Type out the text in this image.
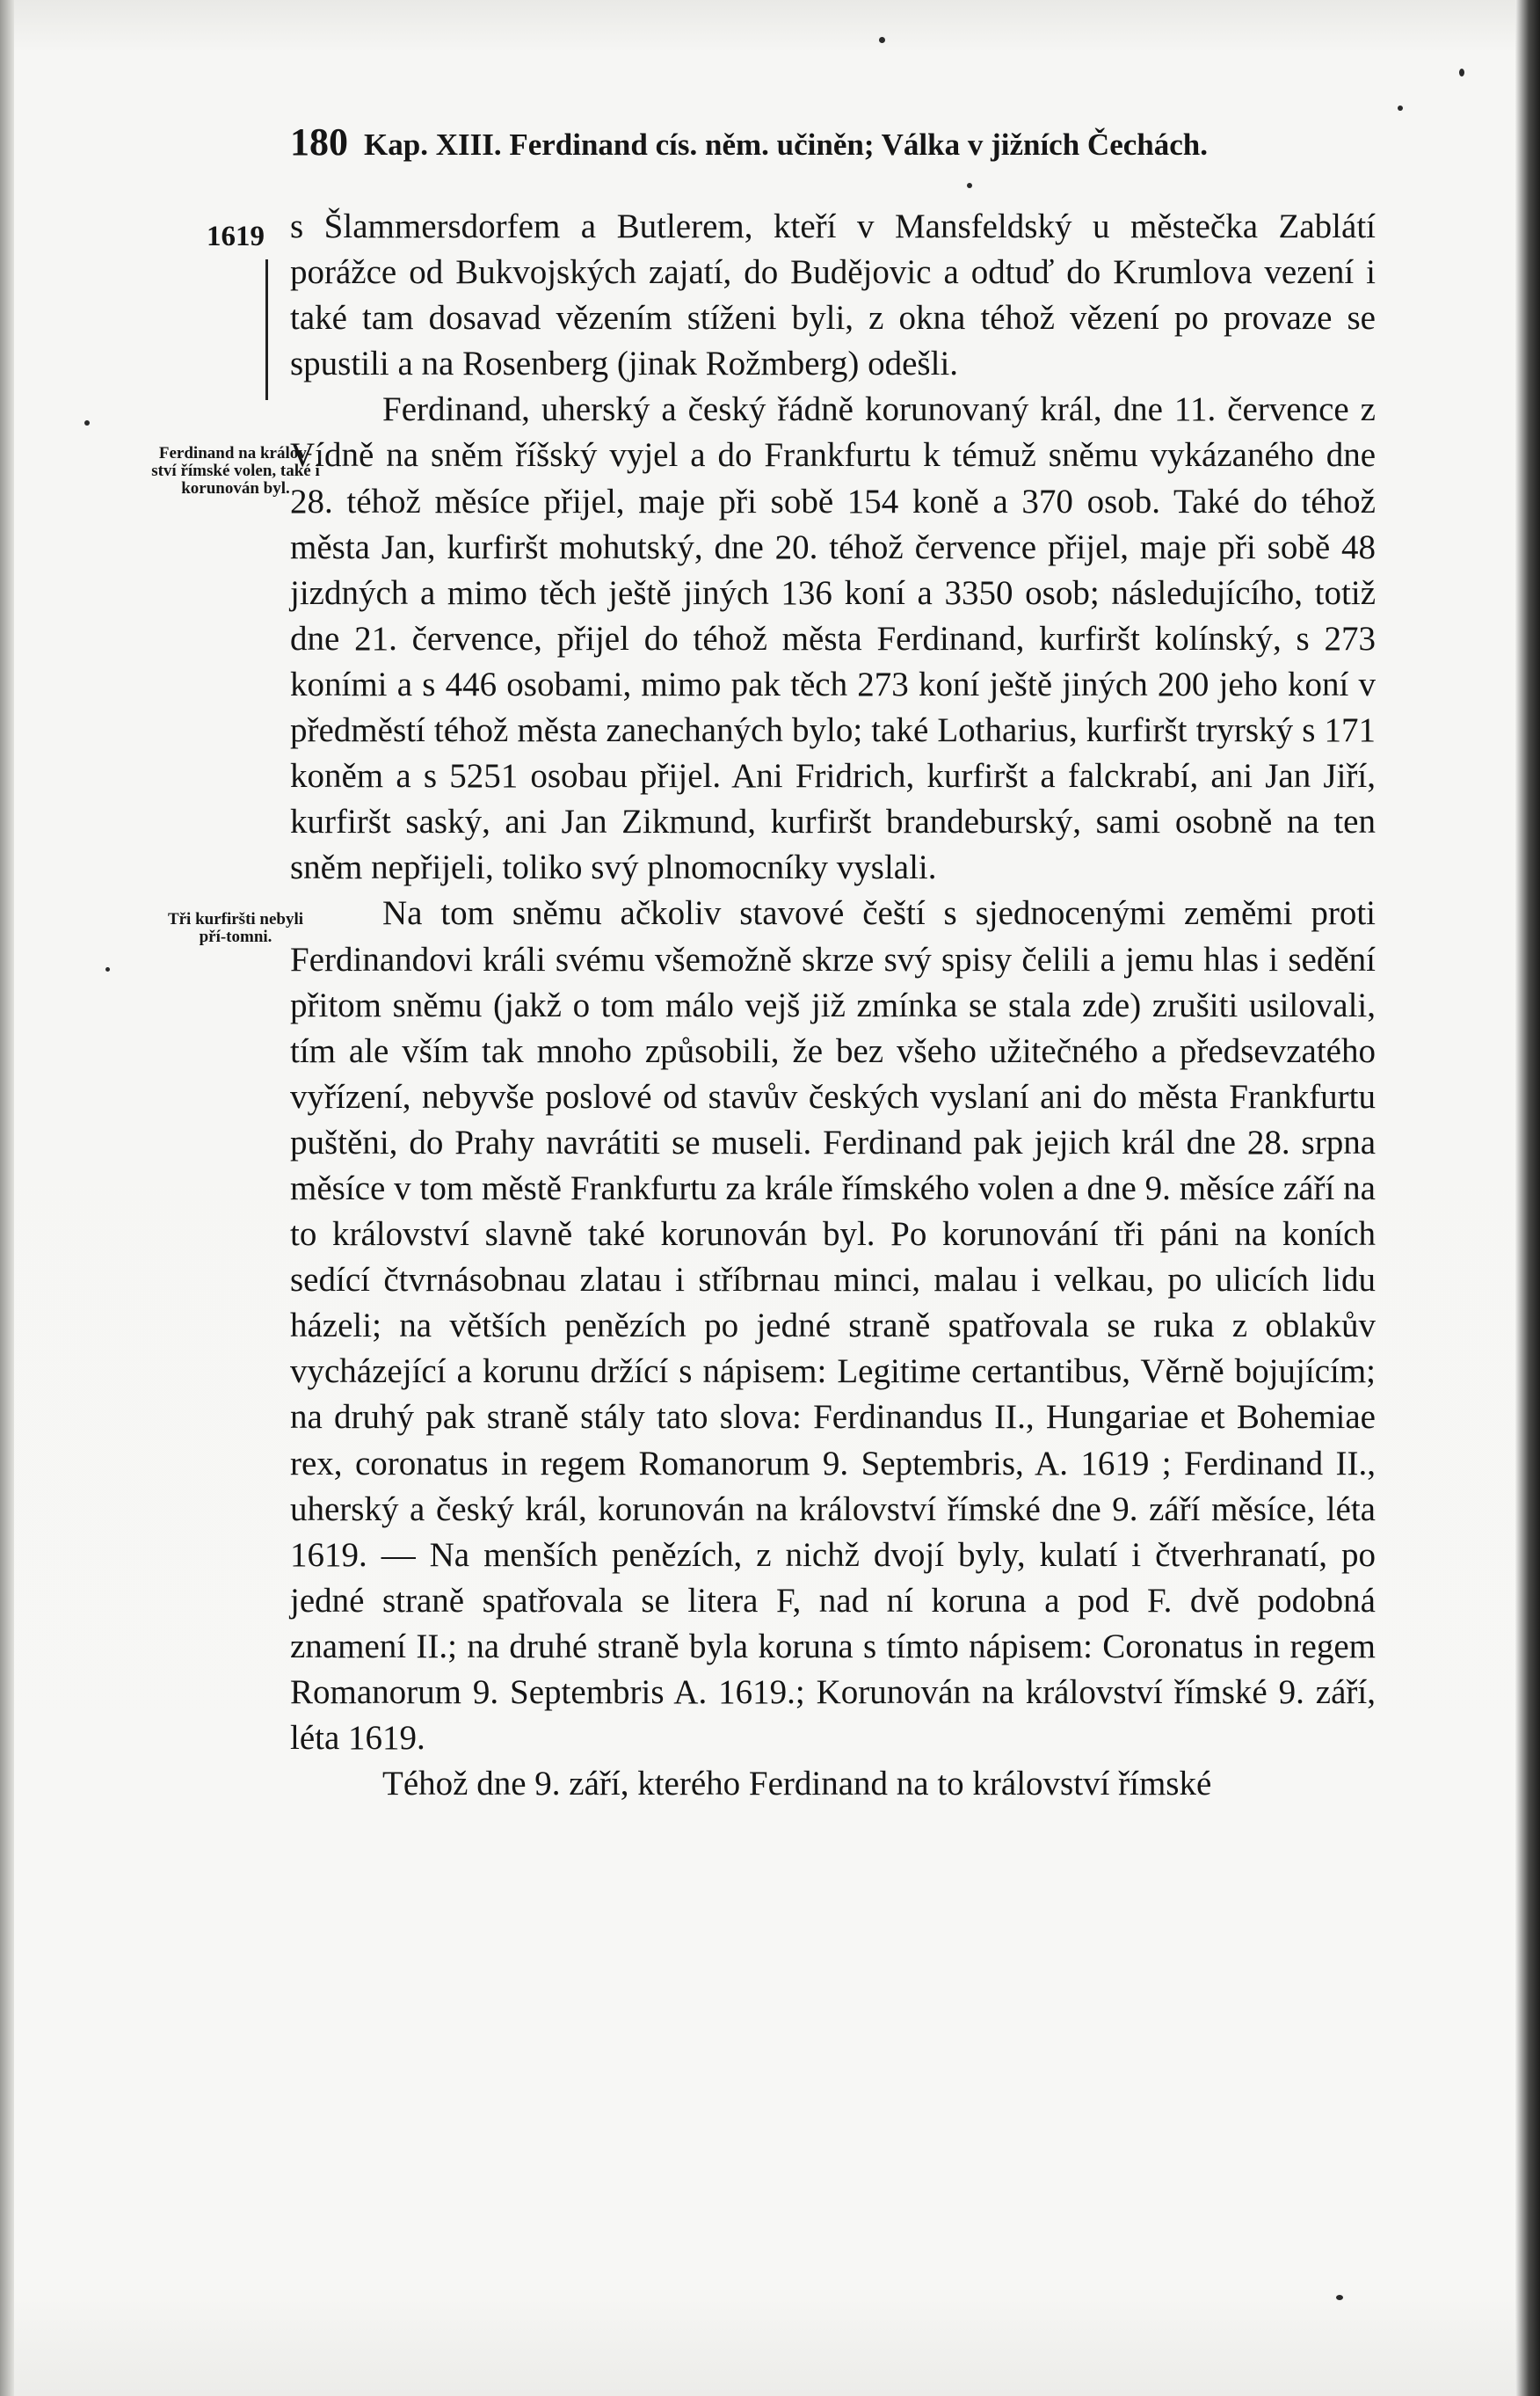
180 Kap. XIII. Ferdinand cís. něm. učiněn; Válka v jižních Čechách.
1619
Ferdinand na králov-ství římské volen, také i korunován byl.
Tři kurfiršti nebyli pří-tomni.

s Šlammersdorfem a Butlerem, kteří v Mansfeldský u městečka Zablátí porážce od Bukvojských zajatí, do Budějovic a odtuď do Krumlova vezení i také tam dosavad vězením stíženi byli, z okna téhož vězení po provaze se spustili a na Rosenberg (jinak Rožmberg) odešli.

Ferdinand, uherský a český řádně korunovaný král, dne 11. července z Vídně na sněm říšský vyjel a do Frankfurtu k témuž sněmu vykázaného dne 28. téhož měsíce přijel, maje při sobě 154 koně a 370 osob. Také do téhož města Jan, kurfiršt mohutský, dne 20. téhož července přijel, maje při sobě 48 jizdných a mimo těch ještě jiných 136 koní a 3350 osob; následujícího, totiž dne 21. července, přijel do téhož města Ferdinand, kurfiršt kolínský, s 273 koními a s 446 osobami, mimo pak těch 273 koní ještě jiných 200 jeho koní v předměstí téhož města zanechaných bylo; také Lotharius, kurfiršt tryrský s 171 koněm a s 5251 osobau přijel. Ani Fridrich, kurfiršt a falckrabí, ani Jan Jiří, kurfiršt saský, ani Jan Zikmund, kurfiršt brandeburský, sami osobně na ten sněm nepřijeli, toliko svý plnomocníky vyslali.

Na tom sněmu ačkoliv stavové čeští s sjednocenými zeměmi proti Ferdinandovi králi svému všemožně skrze svý spisy čelili a jemu hlas i sedění přitom sněmu (jakž o tom málo vejš již zmínka se stala zde) zrušiti usilovali, tím ale vším tak mnoho způsobili, že bez všeho užitečného a předsevzatého vyřízení, nebyvše poslové od stavův českých vyslaní ani do města Frankfurtu puštěni, do Prahy navrátiti se museli. Ferdinand pak jejich král dne 28. srpna měsíce v tom městě Frankfurtu za krále římského volen a dne 9. měsíce září na to království slavně také korunován byl. Po korunování tři páni na koních sedící čtvrnásobnau zlatau i stříbrnau minci, malau i velkau, po ulicích lidu házeli; na větších penězích po jedné straně spatřovala se ruka z oblakův vycházející a korunu držící s nápisem: Legitime certantibus, Věrně bojujícím; na druhý pak straně stály tato slova: Ferdinandus II., Hungariae et Bohemiae rex, coronatus in regem Romanorum 9. Septembris, A. 1619 ; Ferdinand II., uherský a český král, korunován na království římské dne 9. září měsíce, léta 1619. — Na menších penězích, z nichž dvojí byly, kulatí i čtverhranatí, po jedné straně spatřovala se litera F, nad ní koruna a pod F. dvě podobná znamení II.; na druhé straně byla koruna s tímto nápisem: Coronatus in regem Romanorum 9. Septembris A. 1619.; Korunován na království římské 9. září, léta 1619.

Téhož dne 9. září, kterého Ferdinand na to království římské
